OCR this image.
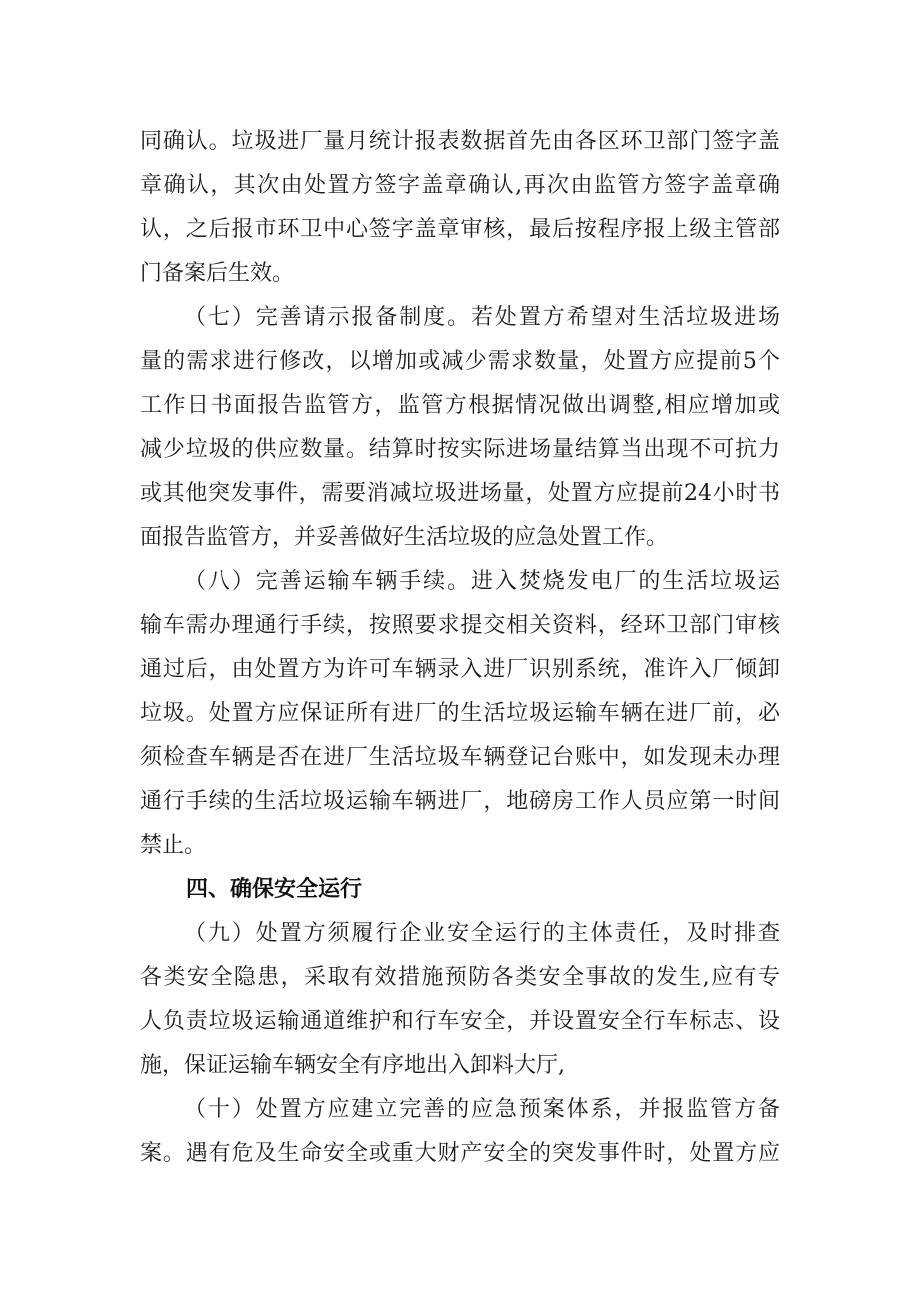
同确认。垃圾进厂量月统计报表数据首先由各区环卫部门签字盖
章确认，其次由处置方签字盖章确认,再次由监管方签字盖章确
认，之后报市环卫中心签字盖章审核，最后按程序报上级主管部
门备案后生效。
（七）完善请示报备制度。若处置方希望对生活垃圾进场
量的需求进行修改，以增加或减少需求数量，处置方应提前5个
工作日书面报告监管方，监管方根据情况做出调整,相应增加或
减少垃圾的供应数量。结算时按实际进场量结算当出现不可抗力
或其他突发事件，需要消减垃圾进场量，处置方应提前24小时书
面报告监管方，并妥善做好生活垃圾的应急处置工作。
（八）完善运输车辆手续。进入焚烧发电厂的生活垃圾运
输车需办理通行手续，按照要求提交相关资料，经环卫部门审核
通过后，由处置方为许可车辆录入进厂识别系统，准许入厂倾卸
垃圾。处置方应保证所有进厂的生活垃圾运输车辆在进厂前，必
须检查车辆是否在进厂生活垃圾车辆登记台账中，如发现未办理
通行手续的生活垃圾运输车辆进厂，地磅房工作人员应第一时间
禁止。
四、确保安全运行
（九）处置方须履行企业安全运行的主体责任，及时排查
各类安全隐患，采取有效措施预防各类安全事故的发生,应有专
人负责垃圾运输通道维护和行车安全，并设置安全行车标志、设
施，保证运输车辆安全有序地出入卸料大厅,
（十）处置方应建立完善的应急预案体系，并报监管方备
案。遇有危及生命安全或重大财产安全的突发事件时，处置方应
